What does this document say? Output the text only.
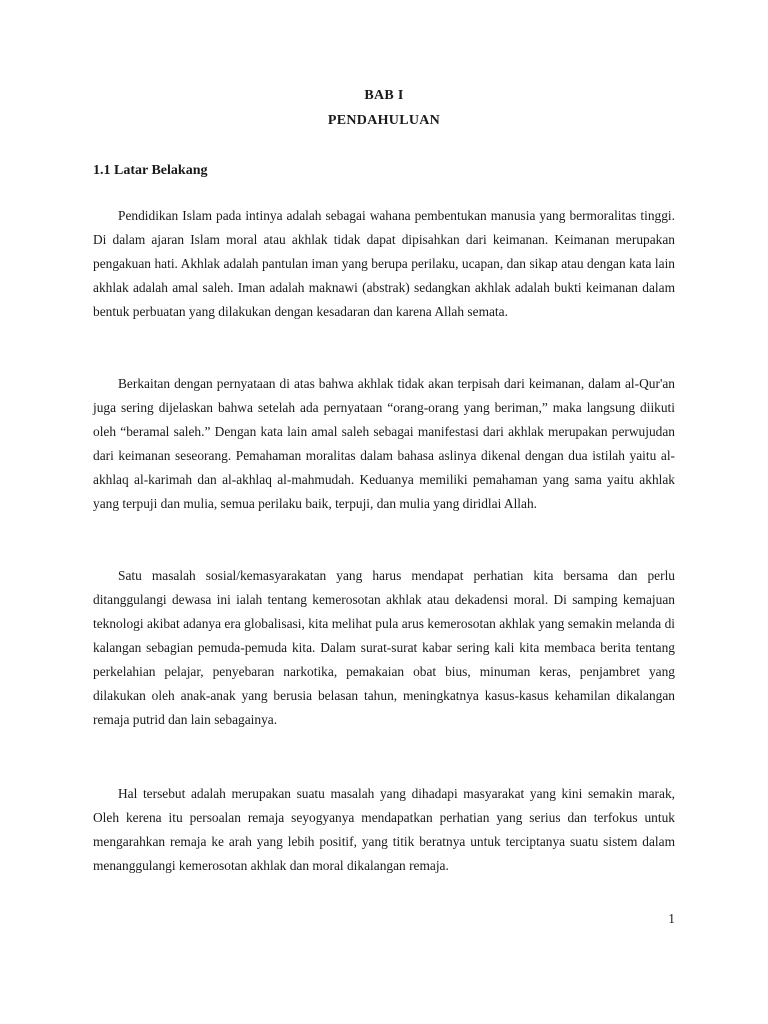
BAB I
PENDAHULUAN
1.1 Latar Belakang

Pendidikan Islam pada intinya adalah sebagai wahana pembentukan manusia yang bermoralitas tinggi. Di dalam ajaran Islam moral atau akhlak tidak dapat dipisahkan dari keimanan. Keimanan merupakan pengakuan hati. Akhlak adalah pantulan iman yang berupa perilaku, ucapan, dan sikap atau dengan kata lain akhlak adalah amal saleh. Iman adalah maknawi (abstrak) sedangkan akhlak adalah bukti keimanan dalam bentuk perbuatan yang dilakukan dengan kesadaran dan karena Allah semata.

Berkaitan dengan pernyataan di atas bahwa akhlak tidak akan terpisah dari keimanan, dalam al-Qur'an juga sering dijelaskan bahwa setelah ada pernyataan “orang-orang yang beriman,” maka langsung diikuti oleh “beramal saleh.” Dengan kata lain amal saleh sebagai manifestasi dari akhlak merupakan perwujudan dari keimanan seseorang. Pemahaman moralitas dalam bahasa aslinya dikenal dengan dua istilah yaitu al-akhlaq al-karimah dan al-akhlaq al-mahmudah. Keduanya memiliki pemahaman yang sama yaitu akhlak yang terpuji dan mulia, semua perilaku baik, terpuji, dan mulia yang diridlai Allah.

Satu masalah sosial/kemasyarakatan yang harus mendapat perhatian kita bersama dan perlu ditanggulangi dewasa ini ialah tentang kemerosotan akhlak atau dekadensi moral. Di samping kemajuan teknologi akibat adanya era globalisasi, kita melihat pula arus kemerosotan akhlak yang semakin melanda di kalangan sebagian pemuda-pemuda kita. Dalam surat-surat kabar sering kali kita membaca berita tentang perkelahian pelajar, penyebaran narkotika, pemakaian obat bius, minuman keras, penjambret yang dilakukan oleh anak-anak yang berusia belasan tahun, meningkatnya kasus-kasus kehamilan dikalangan remaja putrid dan lain sebagainya.

Hal tersebut adalah merupakan suatu masalah yang dihadapi masyarakat yang kini semakin marak, Oleh kerena itu persoalan remaja seyogyanya mendapatkan perhatian yang serius dan terfokus untuk mengarahkan remaja ke arah yang lebih positif, yang titik beratnya untuk terciptanya suatu sistem dalam menanggulangi kemerosotan akhlak dan moral dikalangan remaja.

1
